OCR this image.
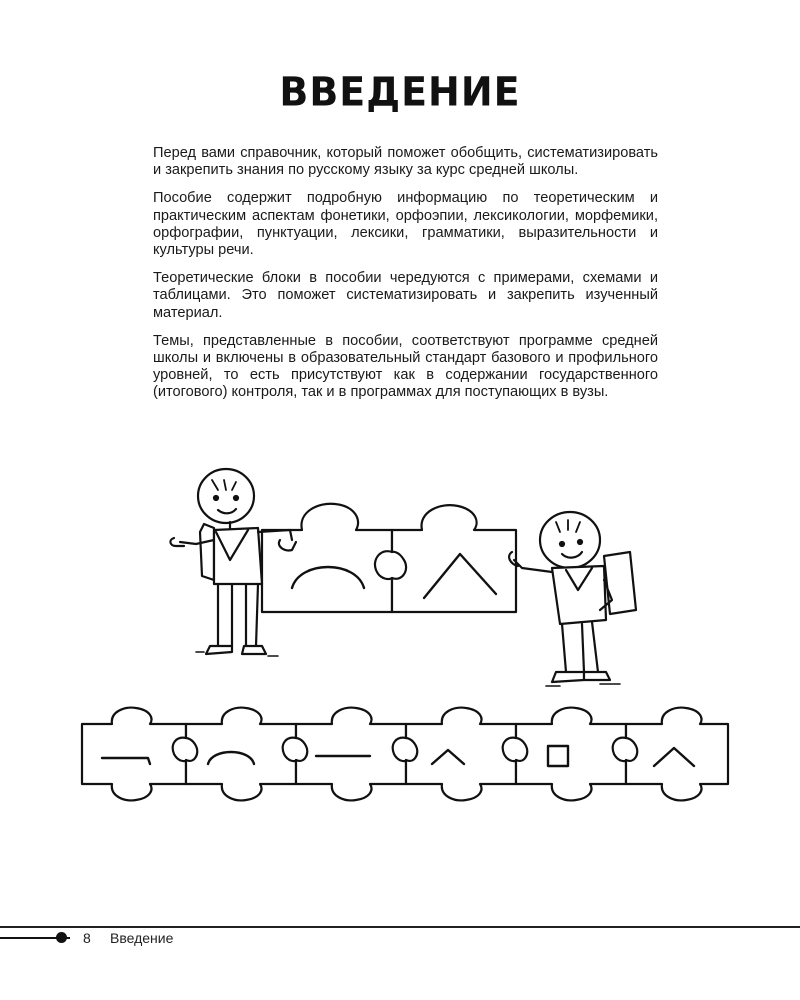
ВВЕДЕНИЕ

Перед вами справочник, который поможет обобщить, систематизировать и закрепить знания по русскому языку за курс средней школы.

Пособие содержит подробную информацию по теоретическим и практическим аспектам фонетики, орфоэпии, лексикологии, морфемики, орфографии, пунктуации, лексики, грамматики, выразительности и культуры речи.

Теоретические блоки в пособии чередуются с примерами, схемами и таблицами. Это поможет систематизировать и закрепить изученный материал.

Темы, представленные в пособии, соответствуют программе средней школы и включены в образовательный стандарт базового и профильного уровней, то есть присутствуют как в содержании государственного (итогового) контроля, так и в программах для поступающих в вузы.

8 Введение
